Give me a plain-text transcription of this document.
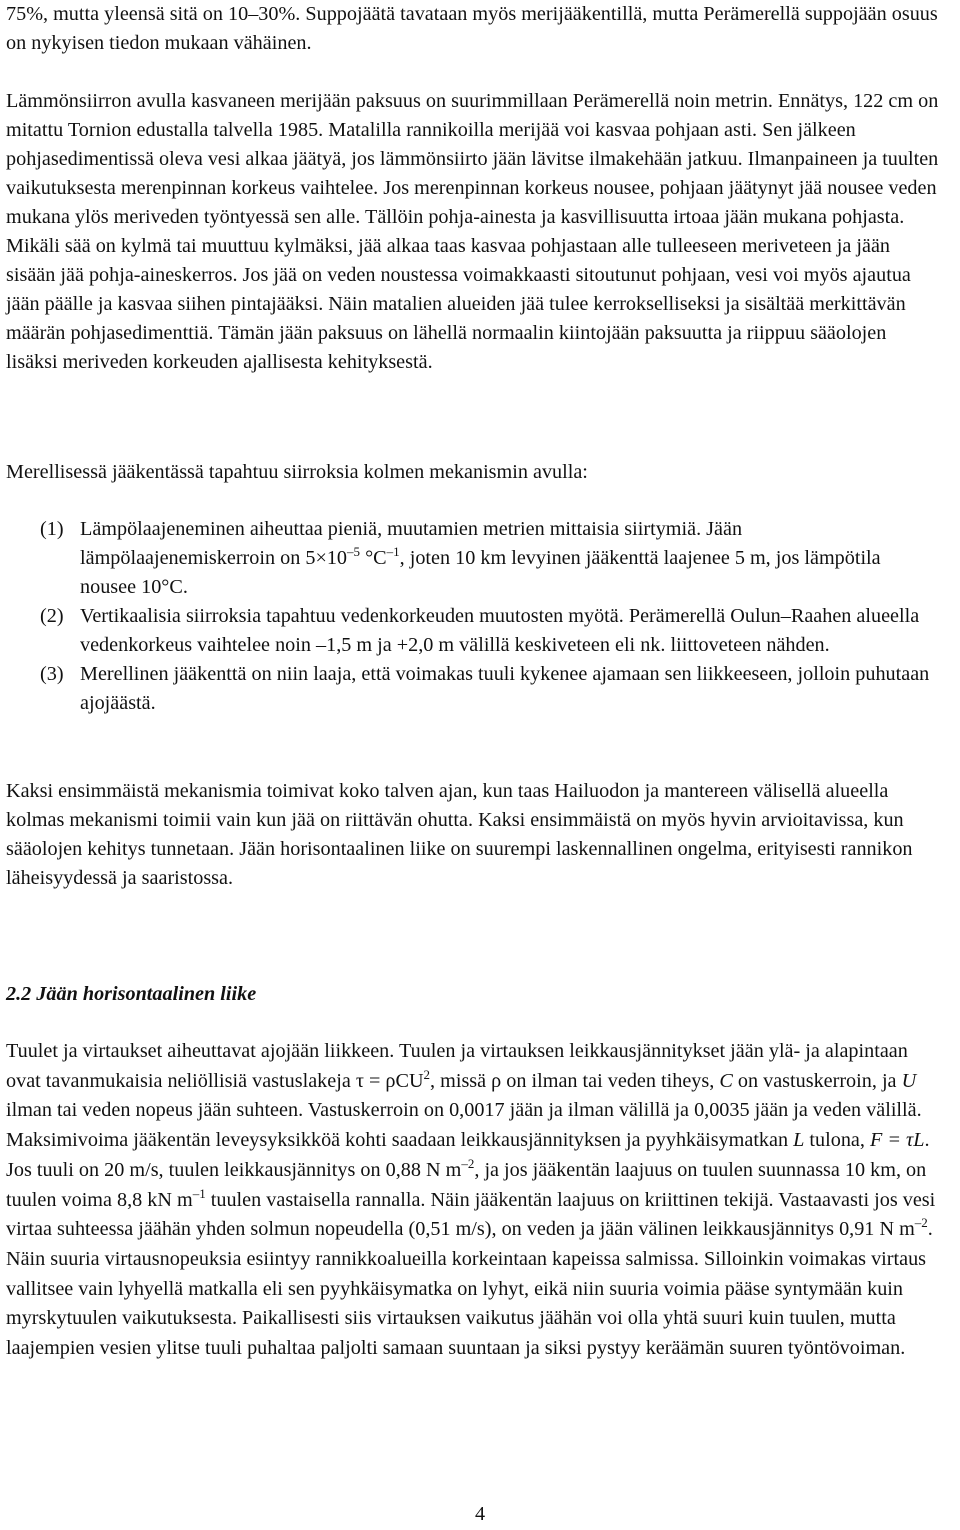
75%, mutta yleensä sitä on 10–30%. Suppojäätä tavataan myös merijääkentillä, mutta Perämerellä suppojään osuus on nykyisen tiedon mukaan vähäinen.

Lämmönsiirron avulla kasvaneen merijään paksuus on suurimmillaan Perämerellä noin metrin. Ennätys, 122 cm on mitattu Tornion edustalla talvella 1985. Matalilla rannikoilla merijää voi kasvaa pohjaan asti. Sen jälkeen pohjasedimentissä oleva vesi alkaa jäätyä, jos lämmönsiirto jään lävitse ilmakehään jatkuu. Ilmanpaineen ja tuulten vaikutuksesta merenpinnan korkeus vaihtelee. Jos merenpinnan korkeus nousee, pohjaan jäätynyt jää nousee veden mukana ylös meriveden työntyessä sen alle. Tällöin pohja-ainesta ja kasvillisuutta irtoaa jään mukana pohjasta. Mikäli sää on kylmä tai muuttuu kylmäksi, jää alkaa taas kasvaa pohjastaan alle tulleeseen meriveteen ja jään sisään jää pohja-aineskerros. Jos jää on veden noustessa voimakkaasti sitoutunut pohjaan, vesi voi myös ajautua jään päälle ja kasvaa siihen pintajääksi. Näin matalien alueiden jää tulee kerrokselliseksi ja sisältää merkittävän määrän pohjasedimenttiä. Tämän jään paksuus on lähellä normaalin kiintojään paksuutta ja riippuu sääolojen lisäksi meriveden korkeuden ajallisesta kehityksestä.

Merellisessä jääkentässä tapahtuu siirroksia kolmen mekanismin avulla:

(1) Lämpölaajeneminen aiheuttaa pieniä, muutamien metrien mittaisia siirtymiä. Jään lämpölaajenemiskerroin on $5\times 10^{-5}$ $^\circ C^{-1}$, joten 10 km levyinen jääkenttä laajenee 5 m, jos lämpötila nousee 10°C.
(2) Vertikaalisia siirroksia tapahtuu vedenkorkeuden muutosten myötä. Perämerellä Oulun–Raahen alueella vedenkorkeus vaihtelee noin –1,5 m ja +2,0 m välillä keskiveteen eli nk. liittoveteen nähden.
(3) Merellinen jääkenttä on niin laaja, että voimakas tuuli kykenee ajamaan sen liikkeeseen, jolloin puhutaan ajojäästä.

Kaksi ensimmäistä mekanismia toimivat koko talven ajan, kun taas Hailuodon ja mantereen välisellä alueella kolmas mekanismi toimii vain kun jää on riittävän ohutta. Kaksi ensimmäistä on myös hyvin arvioitavissa, kun sääolojen kehitys tunnetaan. Jään horisontaalinen liike on suurempi laskennallinen ongelma, erityisesti rannikon läheisyydessä ja saaristossa.

2.2 Jään horisontaalinen liike

Tuulet ja virtaukset aiheuttavat ajojään liikkeen. Tuulen ja virtauksen leikkausjännitykset jään ylä- ja alapintaan ovat tavanmukaisia neliöllisiä vastuslakeja τ = ρCU$^2$, missä ρ on ilman tai veden tiheys, C on vastuskerroin, ja U ilman tai veden nopeus jään suhteen. Vastuskerroin on 0,0017 jään ja ilman välillä ja 0,0035 jään ja veden välillä. Maksimivoima jääkentän leveysyksikköä kohti saadaan leikkausjännityksen ja pyyhkäisymatkan L tulona, F = τL. Jos tuuli on 20 m/s, tuulen leikkausjännitys on 0,88 N $m^{-2}$, ja jos jääkentän laajuus on tuulen suunnassa 10 km, on tuulen voima 8,8 kN $m^{-1}$ tuulen vastaisella rannalla. Näin jääkentän laajuus on kriittinen tekijä. Vastaavasti jos vesi virtaa suhteessa jäähän yhden solmun nopeudella (0,51 m/s), on veden ja jään välinen leikkausjännitys 0,91 N $m^{-2}$. Näin suuria virtausnopeuksia esiintyy rannikkoalueilla korkeintaan kapeissa salmissa. Silloinkin voimakas virtaus vallitsee vain lyhyellä matkalla eli sen pyyhkäisymatka on lyhyt, eikä niin suuria voimia pääse syntymään kuin myrskytuulen vaikutuksesta. Paikallisesti siis virtauksen vaikutus jäähän voi olla yhtä suuri kuin tuulen, mutta laajempien vesien ylitse tuuli puhaltaa paljolti samaan suuntaan ja siksi pystyy keräämän suuren työntövoiman.

4
